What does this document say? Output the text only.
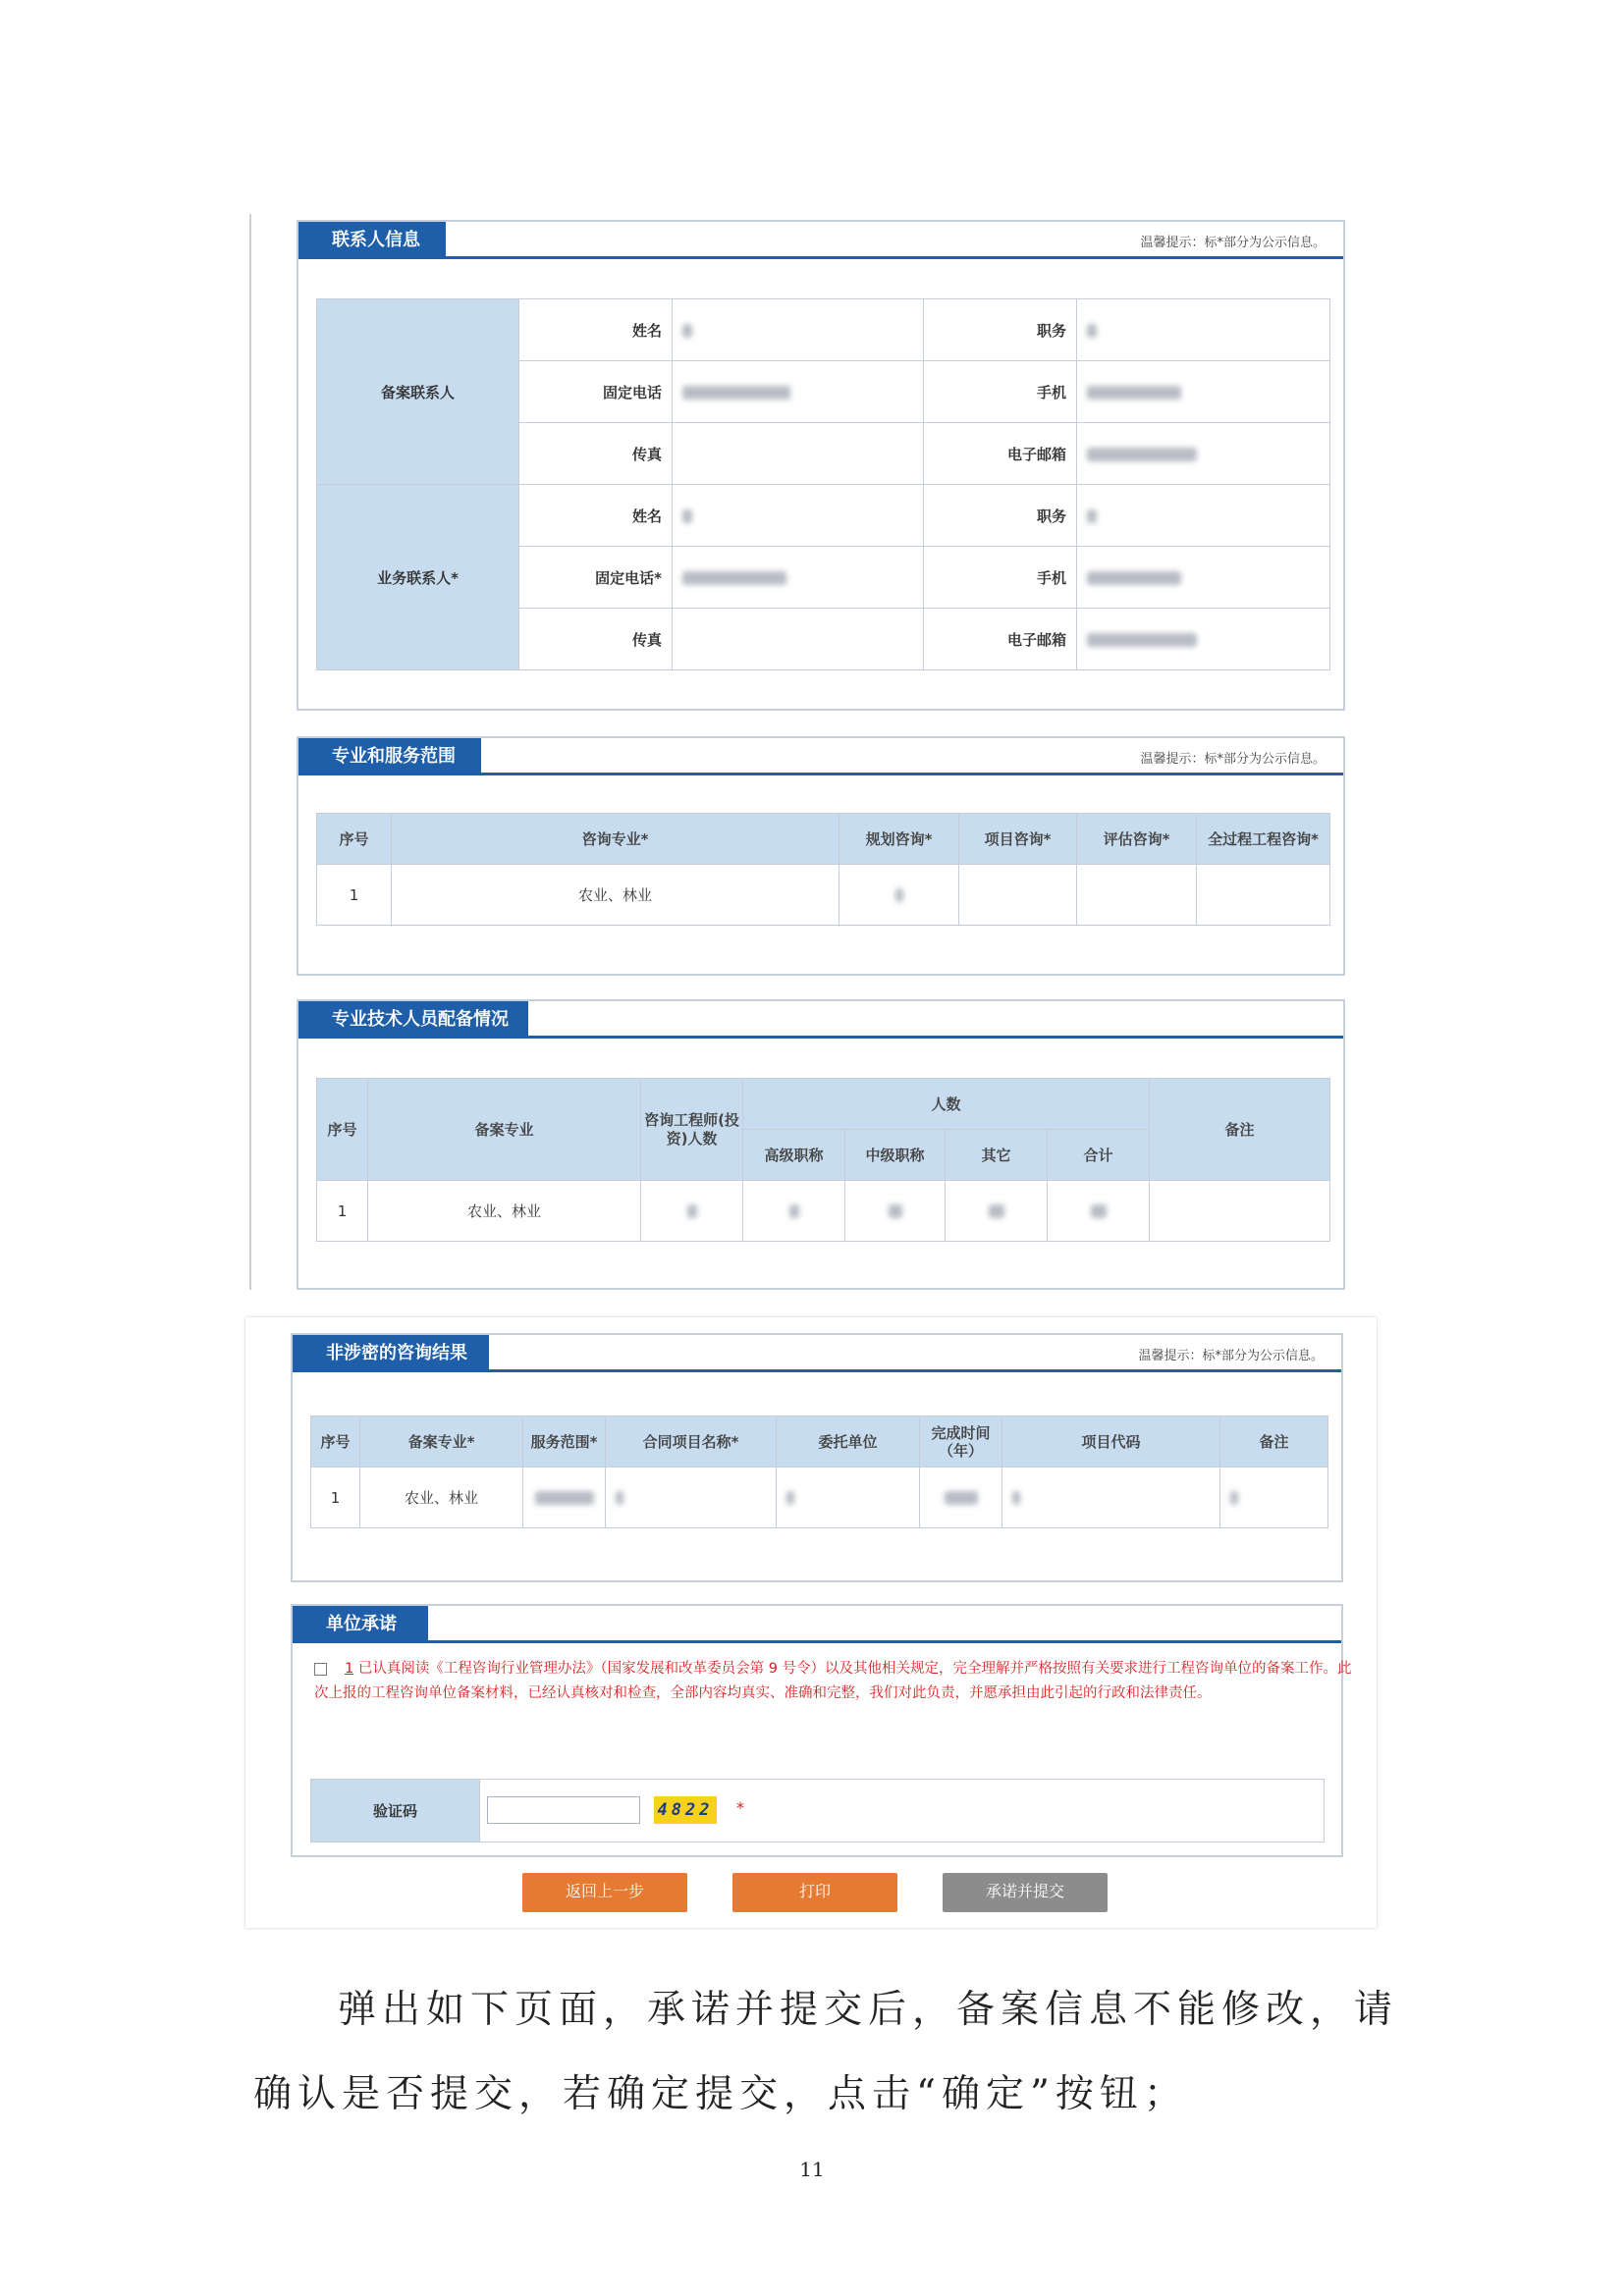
联系人信息	温馨提示：标*部分为公示信息。
备案联系人	姓名		职务	
	固定电话		手机	
	传真		电子邮箱	
业务联系人*	姓名		职务	
	固定电话*		手机	
	传真		电子邮箱	
专业和服务范围	温馨提示：标*部分为公示信息。
序号	咨询专业*	规划咨询*	项目咨询*	评估咨询*	全过程工程咨询*
1	农业、林业				
专业技术人员配备情况
序号	备案专业	咨询工程师(投资)人数	人数				备注
			高级职称	中级职称	其它	合计	
1	农业、林业						
非涉密的咨询结果	温馨提示：标*部分为公示信息。
序号	备案专业*	服务范围*	合同项目名称*	委托单位	完成时间（年）	项目代码	备注
1	农业、林业						
单位承诺
1 已认真阅读《工程咨询行业管理办法》（国家发展和改革委员会第 9 号令）以及其他相关规定，完全理解并严格按照有关要求进行工程咨询单位的备案工作。此次上报的工程咨询单位备案材料，已经认真核对和检查，全部内容均真实、准确和完整，我们对此负责，并愿承担由此引起的行政和法律责任。
验证码		4822 *
返回上一步	打印	承诺并提交
弹出如下页面，承诺并提交后，备案信息不能修改，请
确认是否提交，若确定提交，点击“确定”按钮；
11
